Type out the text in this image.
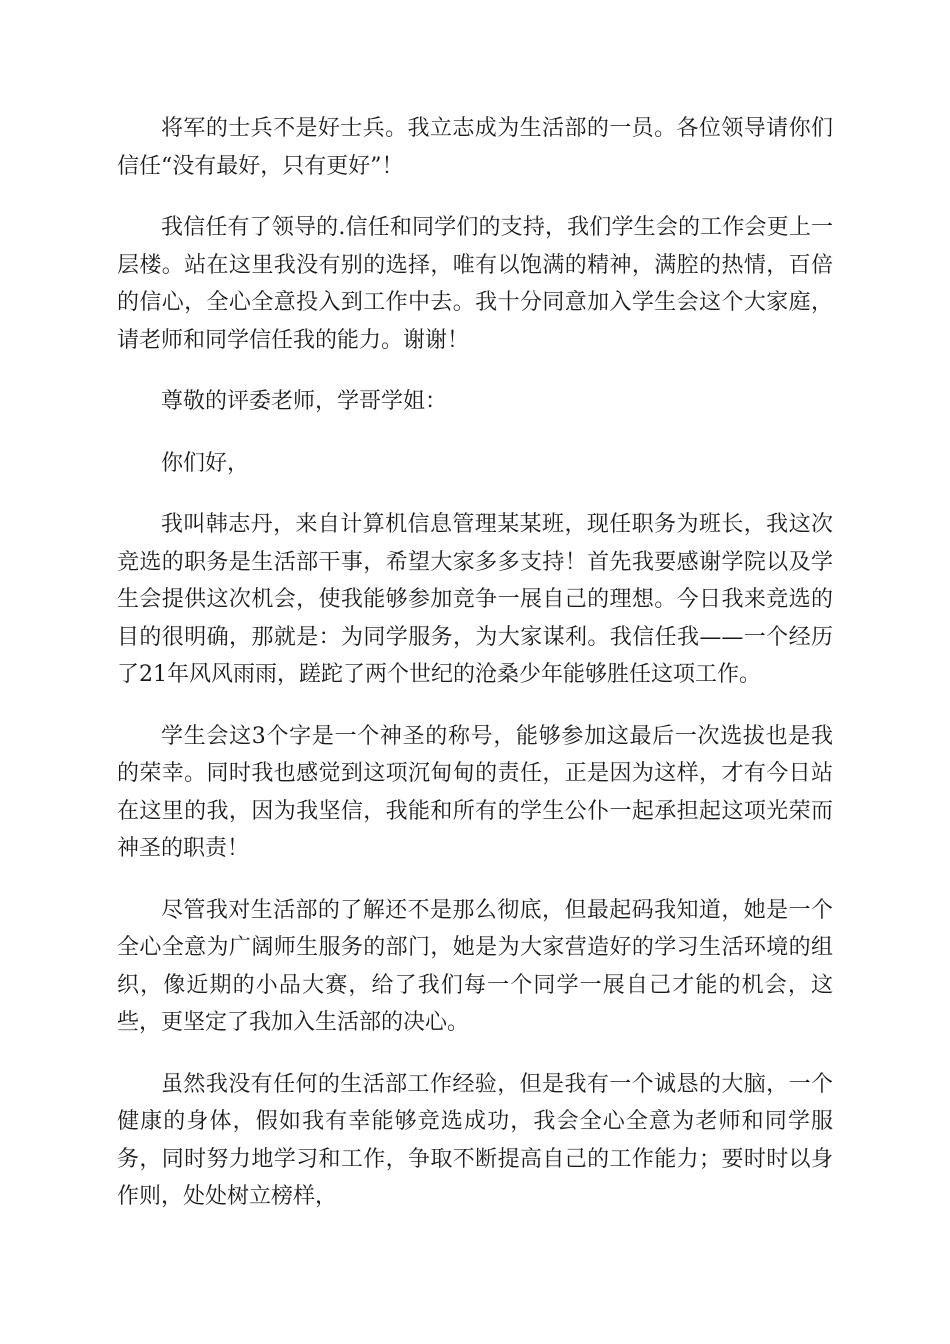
将军的士兵不是好士兵。我立志成为生活部的一员。各位领导请你们信任“没有最好，只有更好”！

我信任有了领导的.信任和同学们的支持，我们学生会的工作会更上一层楼。站在这里我没有别的选择，唯有以饱满的精神，满腔的热情，百倍的信心，全心全意投入到工作中去。我十分同意加入学生会这个大家庭，请老师和同学信任我的能力。谢谢！

尊敬的评委老师，学哥学姐：

你们好，

我叫韩志丹，来自计算机信息管理某某班，现任职务为班长，我这次竞选的职务是生活部干事，希望大家多多支持！首先我要感谢学院以及学生会提供这次机会，使我能够参加竞争一展自己的理想。今日我来竞选的目的很明确，那就是：为同学服务，为大家谋利。我信任我——一个经历了21年风风雨雨，蹉跎了两个世纪的沧桑少年能够胜任这项工作。

学生会这3个字是一个神圣的称号，能够参加这最后一次选拔也是我的荣幸。同时我也感觉到这项沉甸甸的责任，正是因为这样，才有今日站在这里的我，因为我坚信，我能和所有的学生公仆一起承担起这项光荣而神圣的职责！

尽管我对生活部的了解还不是那么彻底，但最起码我知道，她是一个全心全意为广阔师生服务的部门，她是为大家营造好的学习生活环境的组织，像近期的小品大赛，给了我们每一个同学一展自己才能的机会，这些，更坚定了我加入生活部的决心。

虽然我没有任何的生活部工作经验，但是我有一个诚恳的大脑，一个健康的身体，假如我有幸能够竞选成功，我会全心全意为老师和同学服务，同时努力地学习和工作，争取不断提高自己的工作能力；要时时以身作则，处处树立榜样，
